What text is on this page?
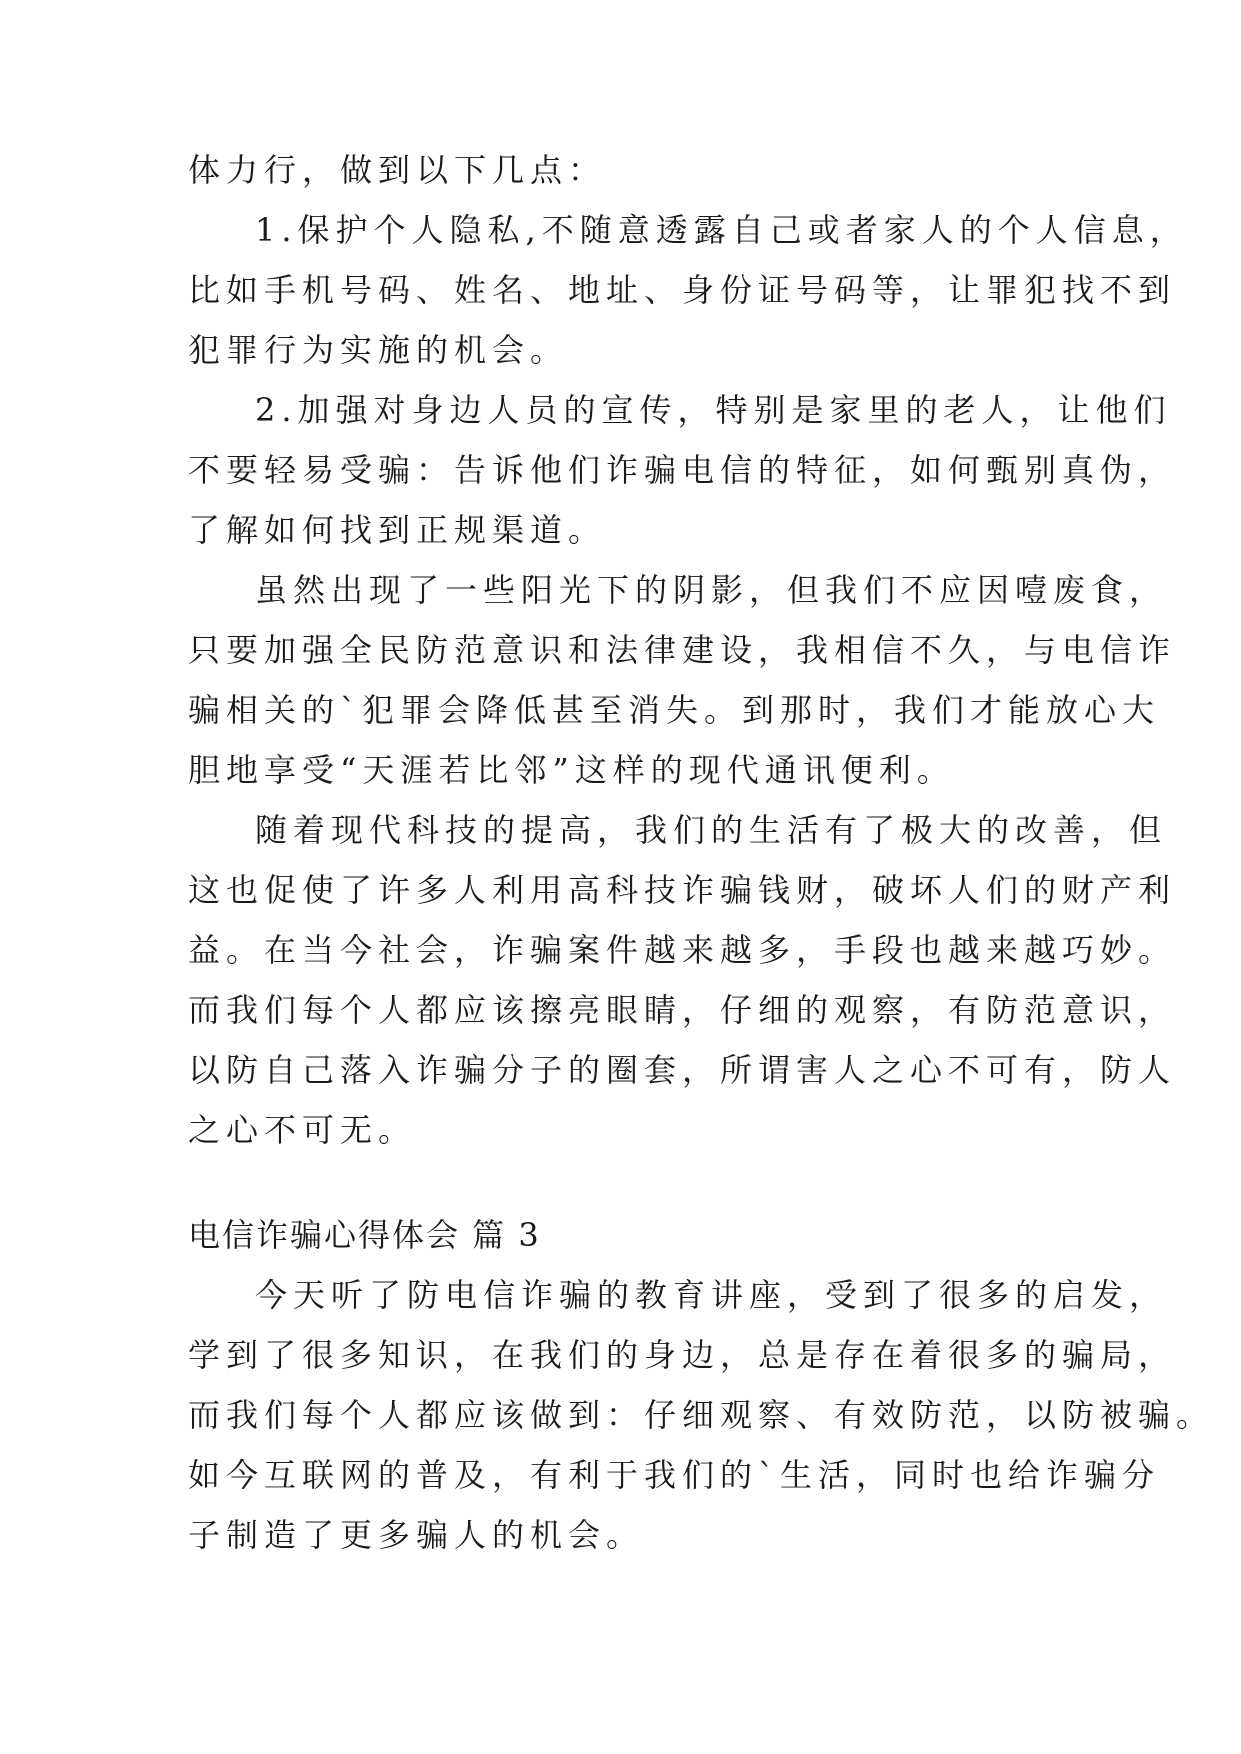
体力行，做到以下几点：

1.保护个人隐私,不随意透露自己或者家人的个人信息，

比如手机号码、姓名、地址、身份证号码等，让罪犯找不到

犯罪行为实施的机会。

2.加强对身边人员的宣传，特别是家里的老人，让他们

不要轻易受骗：告诉他们诈骗电信的特征，如何甄别真伪，

了解如何找到正规渠道。

虽然出现了一些阳光下的阴影，但我们不应因噎废食，

只要加强全民防范意识和法律建设，我相信不久，与电信诈

骗相关的`犯罪会降低甚至消失。到那时，我们才能放心大

胆地享受“天涯若比邻”这样的现代通讯便利。

随着现代科技的提高，我们的生活有了极大的改善，但

这也促使了许多人利用高科技诈骗钱财，破坏人们的财产利

益。在当今社会，诈骗案件越来越多，手段也越来越巧妙。

而我们每个人都应该擦亮眼睛，仔细的观察，有防范意识，

以防自己落入诈骗分子的圈套，所谓害人之心不可有，防人

之心不可无。

电信诈骗心得体会 篇 3

今天听了防电信诈骗的教育讲座，受到了很多的启发，

学到了很多知识，在我们的身边，总是存在着很多的骗局，

而我们每个人都应该做到：仔细观察、有效防范，以防被骗。

如今互联网的普及，有利于我们的`生活，同时也给诈骗分

子制造了更多骗人的机会。
